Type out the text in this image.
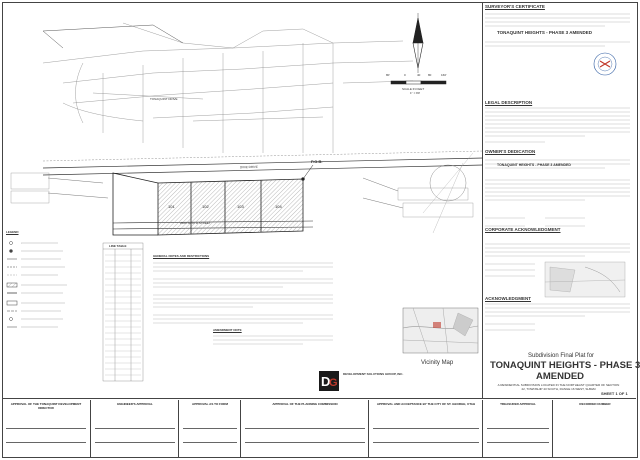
101	102	103	104
P.O.B.
.
D
G
DIXIE DRIVE
TONAQUINT DRIVE
2600 SOUTH STREET
80'	0	40	80	160'
SCALE IN FEET
1" = 80'
LEGEND
LINE TABLE
GENERAL NOTES AND RESTRICTIONS
AMENDMENT NOTE
Vicinity Map
DEVELOPMENT SOLUTIONS GROUP, INC.
Subdivision Final Plat for
TONAQUINT HEIGHTS - PHASE 3
AMENDED
A RESIDENTIAL SUBDIVISION LOCATED IN THE NORTHEAST QUARTER OF SECTION 22, TOWNSHIP 43 SOUTH, RANGE 16 WEST, SLB&M
SHEET 1 OF 1
SURVEYOR'S CERTIFICATE
TONAQUINT HEIGHTS - PHASE 3 AMENDED
LEGAL DESCRIPTION
OWNER'S DEDICATION
TONAQUINT HEIGHTS - PHASE 3 AMENDED
CORPORATE ACKNOWLEDGMENT
ACKNOWLEDGMENT
APPROVAL OF THE TONAQUINT DEVELOPMENT DIRECTOR
ENGINEER'S APPROVAL	APPROVAL AS TO FORM	APPROVAL OF THE PLANNING COMMISSION	APPROVAL AND ACCEPTANCE BY THE CITY OF ST. GEORGE, UTAH	TREASURER APPROVAL	RECORDED NUMBER
